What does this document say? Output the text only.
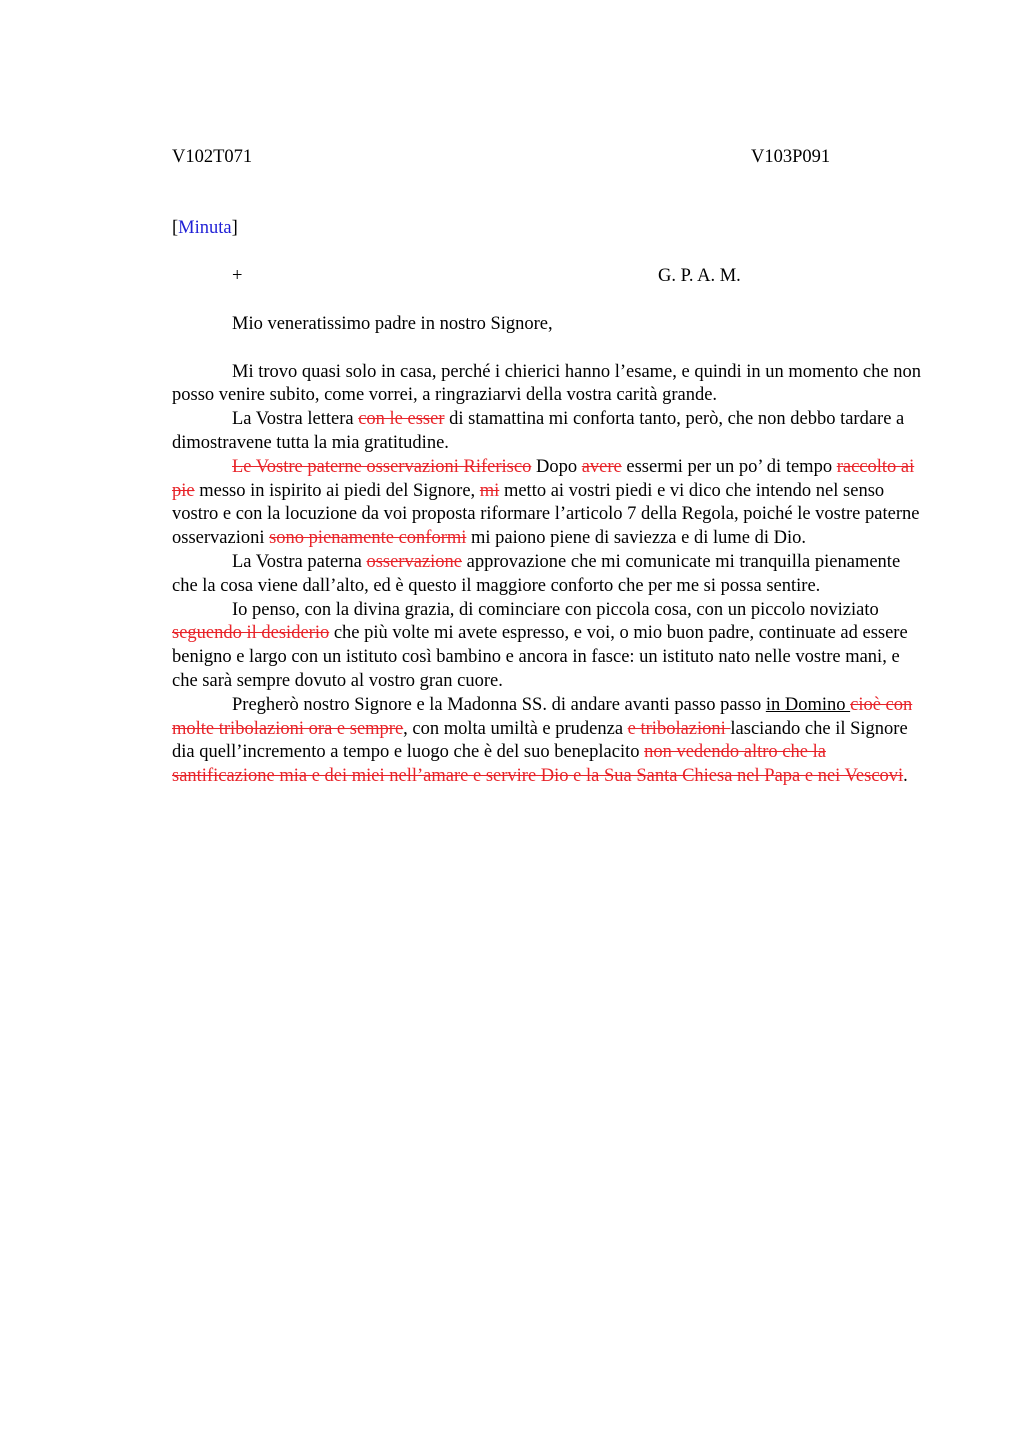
V102T071	V103P091
[Minuta]
+	G. P. A. M.

Mio veneratissimo padre in nostro Signore,

Mi trovo quasi solo in casa, perché i chierici hanno l’esame, e quindi in un momento che non posso venire subito, come vorrei, a ringraziarvi della vostra carità grande.

La Vostra lettera con le esser di stamattina mi conforta tanto, però, che non debbo tardare a dimostravene tutta la mia gratitudine.

Le Vostre paterne osservazioni Riferisco Dopo avere essermi per un po’ di tempo raccolto ai pie messo in ispirito ai piedi del Signore, mi metto ai vostri piedi e vi dico che intendo nel senso vostro e con la locuzione da voi proposta riformare l’articolo 7 della Regola, poiché le vostre paterne osservazioni sono pienamente conformi mi paiono piene di saviezza e di lume di Dio.

La Vostra paterna osservazione approvazione che mi comunicate mi tranquilla pienamente che la cosa viene dall’alto, ed è questo il maggiore conforto che per me si possa sentire.

Io penso, con la divina grazia, di cominciare con piccola cosa, con un piccolo noviziato seguendo il desiderio che più volte mi avete espresso, e voi, o mio buon padre, continuate ad essere benigno e largo con un istituto così bambino e ancora in fasce: un istituto nato nelle vostre mani, e che sarà sempre dovuto al vostro gran cuore.

Pregherò nostro Signore e la Madonna SS. di andare avanti passo passo in Domino cioè con molte tribolazioni ora e sempre, con molta umiltà e prudenza e tribolazioni lasciando che il Signore dia quell’incremento a tempo e luogo che è del suo beneplacito non vedendo altro che la santificazione mia e dei miei nell’amare e servire Dio e la Sua Santa Chiesa nel Papa e nei Vescovi.
